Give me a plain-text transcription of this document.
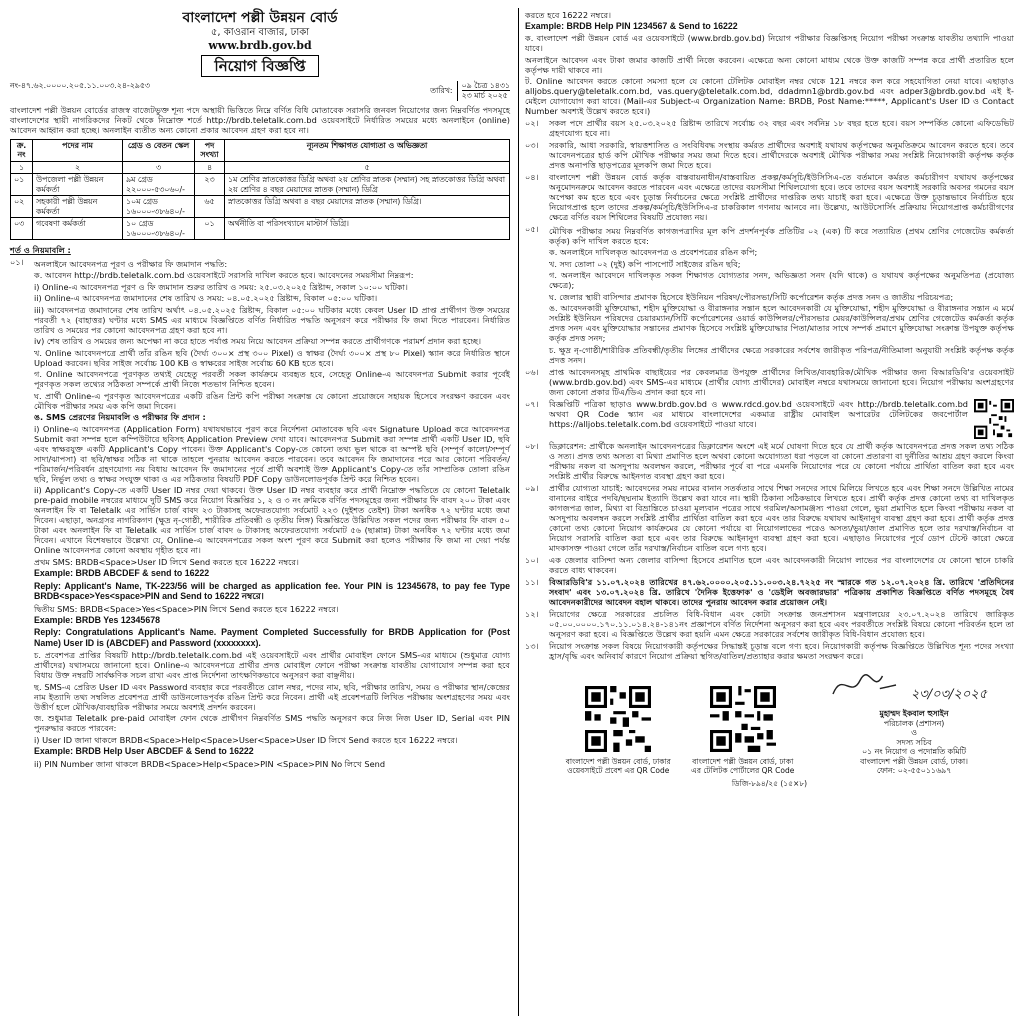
বাংলাদেশ পল্লী উন্নয়ন বোর্ড
৫, কাওরান বাজার, ঢাকা
www.brdb.gov.bd
নিয়োগ বিজ্ঞপ্তি
নং-৪৭.৬২.০০০০.২০৫.১১.০০৩.২৪-২৯৫৩
তারিখ:
০৯ চৈত্র ১৪৩১
২৩ মার্চ ২০২৫
বাংলাদেশ পল্লী উন্নয়ন বোর্ডের রাজস্ব বাজেটভুক্ত শূন্য পদে অস্থায়ী ভিত্তিতে নিম্নে বর্ণিত বিধি মোতাবেক সরাসরি জনবল নিয়োগের জন্য নিম্নবর্ণিত পদসমূহে বাংলাদেশের স্থায়ী নাগরিকদের নিকট থেকে নিম্নোক্ত শর্তে http://brdb.teletalk.com.bd ওয়েবসাইটে নির্ধারিত সময়ের মধ্যে অনলাইনে (online) আবেদন আহ্বান করা হচ্ছে। অনলাইন ব্যতীত অন্য কোনো প্রকার আবেদন গ্রহণ করা হবে না।
ক্র. নং	পদের নাম	গ্রেড ও বেতন স্কেল	পদ সংখ্যা	ন্যূনতম শিক্ষাগত যোগ্যতা ও অভিজ্ঞতা
১	২	৩	৪	৫
০১	উপজেলা পল্লী উন্নয়ন কর্মকর্তা	৯ম গ্রেড ২২০০০-৫৩০৬০/-	২৩	১ম শ্রেণির স্নাতকোত্তর ডিগ্রি অথবা ২য় শ্রেণির স্নাতক (সম্মান) সহ স্নাতকোত্তর ডিগ্রি অথবা ২য় শ্রেণির ৪ বছর মেয়াদের স্নাতক (সম্মান) ডিগ্রি
০২	সহকারী পল্লী উন্নয়ন কর্মকর্তা	১০ম গ্রেড ১৬০০০-৩৮৬৪০/-	৬৫	স্নাতকোত্তর ডিগ্রি অথবা ৪ বছর মেয়াদের স্নাতক (সম্মান) ডিগ্রি।
০৩	গবেষণা কর্মকর্তা	১০ গ্রেড ১৬০০০-৩৮৬৪০/-	০১	অর্থনীতি বা পরিসংখ্যানে মাস্টার্স ডিগ্রি।
শর্ত ও নিয়মাবলি :
০১।	অনলাইনে আবেদনপত্র পূরণ ও পরীক্ষার ফি জমাদান পদ্ধতি:
ক. আবেদন http://brdb.teletalk.com.bd ওয়েবসাইটে সরাসরি দাখিল করতে হবে। আবেদনের সময়সীমা নিম্নরূপ:
i) Online-এ আবেদনপত্র পূরণ ও ফি জমাদান শুরুর তারিখ ও সময়: ২৫.০৩.২০২৫ খ্রিষ্টাব্দ, সকাল ১০:০০ ঘটিকা।
ii) Online-এ আবেদনপত্র জমাদানের শেষ তারিখ ও সময়: ০৪.০৫.২০২৫ খ্রিষ্টাব্দ, বিকাল ০৫:০০ ঘটিকা।
iii) আবেদনপত্র জমাদানের শেষ তারিখ অর্থাৎ ০৪.০৫.২০২৫ খ্রিষ্টাব্দ, বিকাল ০৫:০০ ঘটিকার মধ্যে কেবল User ID প্রাপ্ত প্রার্থীগণ উক্ত সময়ের পরবর্তী ৭২ (বাহাত্তর) ঘণ্টার মধ্যে SMS এর মাধ্যমে বিজ্ঞপ্তিতে বর্ণিত নির্ধারিত পদ্ধতি অনুসরণ করে পরীক্ষার ফি জমা দিতে পারবেন। নির্ধারিত তারিখ ও সময়ের পর কোনো আবেদনপত্র গ্রহণ করা হবে না।
iv) শেষ তারিখ ও সময়ের জন্য অপেক্ষা না করে হাতে পর্যাপ্ত সময় নিয়ে আবেদন প্রক্রিয়া সম্পন্ন করতে প্রার্থীগণকে পরামর্শ প্রদান করা হচ্ছে।
খ. Online আবেদনপত্রে প্রার্থী তাঁর রঙিন ছবি (দৈর্ঘ্য ৩০০× প্রস্থ ৩০০ Pixel) ও স্বাক্ষর (দৈর্ঘ্য ৩০০× প্রস্থ ৮০ Pixel) স্ক্যান করে নির্ধারিত স্থানে Upload করবেন। ছবির সাইজ সর্বোচ্চ 100 KB ও স্বাক্ষরের সাইজ সর্বোচ্চ 60 KB হতে হবে।
গ. Online আবেদনপত্রে পূরণকৃত তথ্যই যেহেতু পরবর্তী সকল কার্যক্রমে ব্যবহৃত হবে, সেহেতু Online-এ আবেদনপত্র Submit করার পূর্বেই পূরণকৃত সকল তথ্যের সঠিকতা সম্পর্কে প্রার্থী নিজে শতভাগ নিশ্চিত হবেন।
ঘ. প্রার্থী Online-এ পূরণকৃত আবেদনপত্রের একটি রঙিন প্রিন্ট কপি পরীক্ষা সংক্রান্ত যে কোনো প্রয়োজনে সহায়ক হিসেবে সংরক্ষণ করবেন এবং মৌখিক পরীক্ষার সময় এক কপি জমা দিবেন।
ঙ. SMS প্রেরণের নিয়মাবলি ও পরীক্ষার ফি প্রদান :
i) Online-এ আবেদনপত্র (Application Form) যথাযথভাবে পূরণ করে নির্দেশনা মোতাবেক ছবি এবং Signature Upload করে আবেদনপত্র Submit করা সম্পন্ন হলে কম্পিউটারে ছবিসহ Application Preview দেখা যাবে। আবেদনপত্র Submit করা সম্পন্ন প্রার্থী একটি User ID, ছবি এবং স্বাক্ষরযুক্ত একটি Applicant's Copy পাবেন। উক্ত Applicant's Copy-তে কোনো তথ্য ভুল থাকে বা অস্পষ্ট ছবি (সম্পূর্ণ কালো/সম্পূর্ণ সাদা/ঝাপসা) বা ছবি/স্বাক্ষর সঠিক না থাকে তাহলে পুনরায় আবেদন করতে পারবেন। তবে আবেদন ফি জমাদানের পরে আর কোনো পরিবর্তন/পরিমার্জন/পরিবর্ধন গ্রহণযোগ্য নয় বিধায় আবেদন ফি জমাদানের পূর্বে প্রার্থী অবশ্যই উক্ত Applicant's Copy-তে তাঁর সাম্প্রতিক তোলা রঙিন ছবি, নির্ভুল তথ্য ও স্বাক্ষর সংযুক্ত থাকা ও এর সঠিকতার বিষয়টি PDF Copy ডাউনলোডপূর্বক প্রিন্ট করে নিশ্চিত হবেন।
ii) Applicant's Copy-তে একটি User ID নম্বর দেয়া থাকবে। উক্ত User ID নম্বর ব্যবহার করে প্রার্থী নিম্নোক্ত পদ্ধতিতে যে কোনো Teletalk pre-paid mobile নম্বরের মাধ্যমে দুটি SMS করে নিয়োগ বিজ্ঞপ্তির ১, ২ ও ৩ নং ক্রমিকে বর্ণিত পদসমূহের জন্য পরীক্ষার ফি বাবদ ২০০ টাকা এবং অনলাইন ফি বা Teletalk এর সার্ভিস চার্জ বাবদ ২৩ টাকাসহ অফেরতযোগ্য সর্বমোট ২২৩ (দুইশত তেইশ) টাকা অনধিক ৭২ ঘণ্টার মধ্যে জমা দিবেন। এছাড়া, অনগ্রসর নাগরিকগণ (ক্ষুদ্র নৃ-গোষ্ঠী, শারীরিক প্রতিবন্ধী ও তৃতীয় লিঙ্গ) বিজ্ঞপ্তিতে উল্লিখিত সকল পদের জন্য পরীক্ষার ফি বাবদ ৫০ টাকা এবং অনলাইন ফি বা Teletalk এর সার্ভিস চার্জ বাবদ ৬ টাকাসহ অফেরতযোগ্য সর্বমোট ৫৬ (ছাপ্পান্ন) টাকা অনধিক ৭২ ঘণ্টার মধ্যে জমা দিবেন। এখানে বিশেষভাবে উল্লেখ্য যে, Online-এ আবেদনপত্রের সকল অংশ পূরণ করে Submit করা হলেও পরীক্ষার ফি জমা না দেয়া পর্যন্ত Online আবেদনপত্র কোনো অবস্থায় গৃহীত হবে না।
প্রথম SMS: BRDB<Space>User ID লিখে Send করতে হবে 16222 নম্বরে।
Example: BRDB ABCDEF & send to 16222
Reply: Applicant's Name, TK-223/56 will be charged as application fee. Your PIN is 12345678, to pay fee Type BRDB<space>Yes<space>PIN and Send to 16222 নম্বরে।
দ্বিতীয় SMS: BRDB<Space>Yes<Space>PIN লিখে Send করতে হবে 16222 নম্বরে।
Example: BRDB Yes 12345678
Reply: Congratulations Applicant's Name. Payment Completed Successfully for BRDB Application for (Post Name) User ID is (ABCDEF) and Password (xxxxxxxx).
চ. প্রবেশপত্র প্রাপ্তির বিষয়টি http://brdb.teletalk.com.bd এই ওয়েবসাইটে এবং প্রার্থীর মোবাইল ফোনে SMS-এর মাধ্যমে (শুধুমাত্র যোগ্য প্রার্থীদের) যথাসময়ে জানানো হবে। Online-এ আবেদনপত্রে প্রার্থীর প্রদত্ত মোবাইল ফোনে পরীক্ষা সংক্রান্ত যাবতীয় যোগাযোগ সম্পন্ন করা হবে বিধায় উক্ত নম্বরটি সার্বক্ষণিক সচল রাখা এবং প্রাপ্ত নির্দেশনা তাৎক্ষণিকভাবে অনুসরণ করা বাঞ্ছনীয়।
ছ. SMS-এ প্রেরিত User ID এবং Password ব্যবহার করে পরবর্তীতে রোল নম্বর, পদের নাম, ছবি, পরীক্ষার তারিখ, সময় ও পরীক্ষার স্থান/কেন্দ্রের নাম ইত্যাদি তথ্য সম্বলিত প্রবেশপত্র প্রার্থী ডাউনলোডপূর্বক রঙিন প্রিন্ট করে নিবেন। প্রার্থী এই প্রবেশপত্রটি লিখিত পরীক্ষায় অংশগ্রহণের সময় এবং উত্তীর্ণ হলে মৌখিক/ব্যবহারিক পরীক্ষার সময়ে অবশ্যই প্রদর্শন করবেন।
জ. শুধুমাত্র Teletalk pre-paid মোবাইল ফোন থেকে প্রার্থীগণ নিম্নবর্ণিত SMS পদ্ধতি অনুসরণ করে নিজ নিজ User ID, Serial এবং PIN পুনরুদ্ধার করতে পারবেন:
i) User ID জানা থাকলে BRDB<Space>Help<Space>User<Space>User ID লিখে Send করতে হবে 16222 নম্বরে।
Example: BRDB Help User ABCDEF & Send to 16222
ii) PIN Number জানা থাকলে BRDB<Space>Help<Space>PIN <Space>PIN No লিখে Send
করতে হবে 16222 নম্বরে।
Example: BRDB Help PIN 1234567 & Send to 16222
ক. বাংলাদেশ পল্লী উন্নয়ন বোর্ড এর ওয়েবসাইটে (www.brdb.gov.bd) নিয়োগ পরীক্ষার বিজ্ঞপ্তিসহ নিয়োগ পরীক্ষা সংক্রান্ত যাবতীয় তথ্যাদি পাওয়া যাবে।
অনলাইনে আবেদন এবং টাকা জমার কাজটি প্রার্থী নিজে করবেন। এক্ষেত্রে অন্য কোনো মাধ্যম থেকে উক্ত কাজটি সম্পন্ন করে প্রার্থী প্রতারিত হলে কর্তৃপক্ষ দায়ী থাকবে না।
ট. Online আবেদন করতে কোনো সমস্যা হলে যে কোনো টেলিটক মোবাইল নম্বর থেকে 121 নম্বরে কল করে সহযোগিতা নেয়া যাবে। এছাড়াও alljobs.query@teletalk.com.bd, vas.query@teletalk.com.bd, ddadmn1@brdb.gov.bd এবং adper3@brdb.gov.bd এই ই-মেইলে যোগাযোগ করা যাবে। (Mail-এর Subject-এ Organization Name: BRDB, Post Name:*****, Applicant's User ID ও Contact Number অবশ্যই উল্লেখ করতে হবে।)
০২।	সকল পদে প্রার্থীর বয়স ২৫.০৩.২০২৫ খ্রিষ্টাব্দ তারিখে সর্বোচ্চ ৩২ বছর এবং সর্বনিম্ন ১৮ বছর হতে হবে। বয়স সম্পর্কিত কোনো এফিডেভিট গ্রহণযোগ্য হবে না।
০৩।	সরকারি, আধা সরকারি, স্বায়ত্তশাসিত ও সংবিধিবদ্ধ সংস্থায় কর্মরত প্রার্থীদের অবশ্যই যথাযথ কর্তৃপক্ষের অনুমতিক্রমে আবেদন করতে হবে। তবে আবেদনপত্রের হার্ড কপি মৌখিক পরীক্ষার সময় জমা দিতে হবে। প্রার্থীদেরকে অবশ্যই মৌখিক পরীক্ষার সময় সংশ্লিষ্ট নিয়োগকারী কর্তৃপক্ষ কর্তৃক প্রদত্ত অনাপত্তি ছাড়পত্রের মূলকপি জমা দিতে হবে।
০৪।	বাংলাদেশ পল্লী উন্নয়ন বোর্ড কর্তৃক বাস্তবায়নাধীন/বাস্তবায়িত প্রকল্প/কর্মসূচি/ইউসিসিএ-তে বর্তমানে কর্মরত কর্মচারীগণ যথাযথ কর্তৃপক্ষের অনুমোদনক্রমে আবেদন করতে পারবেন এবং এক্ষেত্রে তাদের বয়সসীমা শিথিলযোগ্য হবে। তবে তাদের বয়স অবশ্যই সরকারি অবসর গমনের বয়স অপেক্ষা কম হতে হবে এবং চূড়ান্ত নির্বাচনের ক্ষেত্রে সংশ্লিষ্ট প্রার্থীদের দাপ্তরিক তথ্য যাচাই করা হবে। এক্ষেত্রে উক্ত চূড়ান্তভাবে নির্বাচিত হয়ে নিয়োগপ্রাপ্ত হলে তাদের প্রকল্প/কর্মসূচি/ইউসিসিএ-র চাকরিকাল গণনায় আনবে না। উল্লেখ্য, আউটসোর্সিং প্রক্রিয়ায় নিয়োগপ্রাপ্ত কর্মচারীগণের ক্ষেত্রে বর্ণিত বয়স শিথিলের বিষয়টি প্রযোজ্য নয়।
০৫।	মৌখিক পরীক্ষার সময় নিম্নবর্ণিত কাগজপত্রাদির মূল কপি প্রদর্শনপূর্বক প্রতিটির ০২ (এক) টি করে সত্যায়িত (প্রথম শ্রেণির গেজেটেড কর্মকর্তা কর্তৃক) কপি দাখিল করতে হবে:
ক. অনলাইনে দাখিলকৃত আবেদনপত্র ও প্রবেশপত্রের রঙিন কপি;
খ. সদ্য তোলা ০২ (দুই) কপি পাসপোর্ট সাইজের রঙিন ছবি;
গ. অনলাইন আবেদনে দাখিলকৃত সকল শিক্ষাগত যোগ্যতার সনদ, অভিজ্ঞতা সনদ (যদি থাকে) ও যথাযথ কর্তৃপক্ষের অনুমতিপত্র (প্রযোজ্য ক্ষেত্রে);
ঘ. জেলার স্থায়ী বাসিন্দার প্রমাণক হিসেবে ইউনিয়ন পরিষদ/পৌরসভা/সিটি কর্পোরেশন কর্তৃক প্রদত্ত সনদ ও জাতীয় পরিচয়পত্র;
ঙ. আবেদনকারী মুক্তিযোদ্ধা, শহীদ মুক্তিযোদ্ধা ও বীরাঙ্গনার সন্তান হলে আবেদনকারী যে মুক্তিযোদ্ধা, শহীদ মুক্তিযোদ্ধা ও বীরাঙ্গনার সন্তান এ মর্মে সংশ্লিষ্ট ইউনিয়ন পরিষদের চেয়ারম্যান/সিটি কর্পোরেশনের ওয়ার্ড কাউন্সিলর/পৌরসভার মেয়র/কাউন্সিলর/প্রথম শ্রেণির গেজেটেড কর্মকর্তা কর্তৃক প্রদত্ত সনদ এবং মুক্তিযোদ্ধার সন্তানের প্রমাণক হিসেবে সংশ্লিষ্ট মুক্তিযোদ্ধার পিতা/মাতার সাথে সম্পর্ক প্রমাণে মুক্তিযোদ্ধা সংক্রান্ত উপযুক্ত কর্তৃপক্ষ কর্তৃক প্রদত্ত সনদ;
চ. ক্ষুদ্র নৃ-গোষ্ঠী/শারীরিক প্রতিবন্ধী/তৃতীয় লিঙ্গের প্রার্থীদের ক্ষেত্রে সরকারের সর্বশেষ জারীকৃত পরিপত্র/নীতিমালা অনুযায়ী সংশ্লিষ্ট কর্তৃপক্ষ কর্তৃক প্রদত্ত সনদ।
০৬।	প্রাপ্ত আবেদনসমূহ প্রাথমিক বাছাইয়ের পর কেবলমাত্র উপযুক্ত প্রার্থীদের লিখিত/ব্যবহারিক/মৌখিক পরীক্ষার জন্য বিআরডিবি'র ওয়েবসাইট (www.brdb.gov.bd) এবং SMS-এর মাধ্যমে (প্রার্থীর যোগ্য প্রার্থীদের) মোবাইল নম্বরে যথাসময়ে জানানো হবে। নিয়োগ পরীক্ষায় অংশগ্রহণের জন্য কোনো প্রকার টিএ/ডিএ প্রদান করা হবে না।
০৭।	বিজ্ঞপ্তিটি পত্রিকা ছাড়াও www.brdb.gov.bd ও www.rdcd.gov.bd ওয়েবসাইটে এবং http://brdb.teletalk.com.bd অথবা QR Code স্ক্যান এর মাধ্যমে বাংলাদেশের একমাত্র রাষ্ট্রীয় মোবাইল অপারেটর টেলিটকের জবপোর্টাল https://alljobs.teletalk.com.bd ওয়েবসাইটে পাওয়া যাবে।
০৮।	ডিক্লারেশন: প্রার্থীকে অনলাইন আবেদনপত্রের ডিক্লারেশন অংশে এই মর্মে ঘোষণা দিতে হবে যে প্রার্থী কর্তৃক আবেদনপত্রে প্রদত্ত সকল তথ্য সঠিক ও সত্য। প্রদত্ত তথ্য অসত্য বা মিথ্যা প্রমাণিত হলে অথবা কোনো অযোগ্যতা ধরা পড়লে বা কোনো প্রতারণা বা দুর্নীতির আশ্রয় গ্রহণ করলে কিংবা পরীক্ষায় নকল বা অসদুপায় অবলম্বন করলে, পরীক্ষার পূর্বে বা পরে এমনকি নিয়োগের পরে যে কোনো পর্যায়ে প্রার্থিতা বাতিল করা হবে এবং সংশ্লিষ্ট প্রার্থীর বিরুদ্ধে আইনগত ব্যবস্থা গ্রহণ করা হবে।
০৯।	প্রার্থীর যোগ্যতা যাচাই: আবেদনের সময় নামের বানান সতর্কতার সাথে শিক্ষা সনদের সাথে মিলিয়ে লিখতে হবে এবং শিক্ষা সনদে উল্লিখিত নামের বানানের বাইরে পদবি/ছদ্মনাম ইত্যাদি উল্লেখ করা যাবে না। স্থায়ী ঠিকানা সঠিকভাবে লিখতে হবে। প্রার্থী কর্তৃক প্রদত্ত কোনো তথ্য বা দাখিলকৃত কাগজপত্র জাল, মিথ্যা বা বিভ্রান্তিতে চাওয়া মূল্যবান পত্রের সাথে গরমিল/অসামঞ্জস্য পাওয়া গেলে, ভুয়া প্রমাণিত হলে কিংবা পরীক্ষায় নকল বা অসদুপায় অবলম্বন করলে সংশ্লিষ্ট প্রার্থীর প্রার্থিতা বাতিল করা হবে এবং তার বিরুদ্ধে যথাযথ আইনানুগ ব্যবস্থা গ্রহণ করা হবে। প্রার্থী কর্তৃক প্রদত্ত কোনো তথ্য কোনো নিয়োগ কার্যক্রমের যে কোনো পর্যায়ে বা নিয়োগলাভের পরেও অসত্য/ভুয়া/জাল প্রমাণিত হলে তার দরখাস্ত/নির্বাচন বা নিয়োগ সরাসরি বাতিল করা হবে এবং তার বিরুদ্ধে আইনানুগ ব্যবস্থা গ্রহণ করা হবে। এছাড়াও নিয়োগের পূর্বে ডোপ টেস্টে কারো ক্ষেত্রে মাদকাসক্ত পাওয়া গেলে তাঁর দরখাস্ত/নির্বাচন বাতিল বলে গণ্য হবে।
১০।	এক জেলার বাসিন্দা অন্য জেলার বাসিন্দা হিসেবে প্রমাণিত হলে এবং আবেদনকারী নিয়োগ লাভের পর বাংলাদেশের যে কোনো স্থানে চাকরি করতে বাধ্য থাকবেন।
১১।	বিআরডিবি'র ১১.০৭.২০২৪ তারিখের ৪৭.৬২.০০০০.২০৫.১১.০০৩.২৪.৭২২৫ নং স্মারকে গত ১২.০৭.২০২৪ খ্রি. তারিখে 'প্রতিদিনের সংবাদ' এবং ১৩.০৭.২০২৪ খ্রি. তারিখে 'দৈনিক ইত্তেফাক' ও 'ডেইলি অবজারভার' পত্রিকায় প্রকাশিত বিজ্ঞপ্তিতে বর্ণিত পদসমূহে বৈধ আবেদনকারীদের আবেদন বহাল থাকবে। তাদের পুনরায় আবেদন করার প্রয়োজন নেই।
১২।	নিয়োগের ক্ষেত্রে সরকারের প্রচলিত বিধি-বিধান এবং কোটা সংক্রান্ত জনপ্রশাসন মন্ত্রণালয়ের ২৩.০৭.২০২৪ তারিখে জারিকৃত ০৫.০০.০০০০.১৭০.১১.০১৪.২৪-১৪১নং প্রজ্ঞাপনে বর্ণিত নির্দেশনা অনুসরণ করা হবে এবং পরবর্তীতে সংশ্লিষ্ট বিষয়ে কোনো পরিবর্তন হলে তা অনুসরণ করা হবে। এ বিজ্ঞপ্তিতে উল্লেখ করা হয়নি এমন ক্ষেত্রে সরকারের সর্বশেষ জারীকৃত বিধি-বিধান প্রযোজ্য হবে।
১৩।	নিয়োগ সংক্রান্ত সকল বিষয়ে নিয়োগকারী কর্তৃপক্ষের সিদ্ধান্তই চূড়ান্ত বলে গণ্য হবে। নিয়োগকারী কর্তৃপক্ষ বিজ্ঞপ্তিতে উল্লিখিত শূন্য পদের সংখ্যা হ্রাস/বৃদ্ধি এবং অনিবার্য কারণে নিয়োগ প্রক্রিয়া স্থগিত/বাতিল/প্রত্যাহার করার ক্ষমতা সংরক্ষণ করে।
বাংলাদেশ পল্লী উন্নয়ন বোর্ড, ঢাকার ওয়েবসাইটে প্রবেশ এর QR Code
বাংলাদেশ পল্লী উন্নয়ন বোর্ড, ঢাকা এর টেলিটক পোর্টালের QR Code
২৩/০৩/২০২৫
মুহাম্মদ ইকবাল হুসাইন
পরিচালক (প্রশাসন)
ও
সদস্য সচিব
০১ নং নিয়োগ ও পদোন্নতি কমিটি
বাংলাদেশ পল্লী উন্নয়ন বোর্ড, ঢাকা।
ফোন: ০২-৫৫০১১৬৯৭
ডিজি-৮৯৪/২৫ (১৫×৮)
